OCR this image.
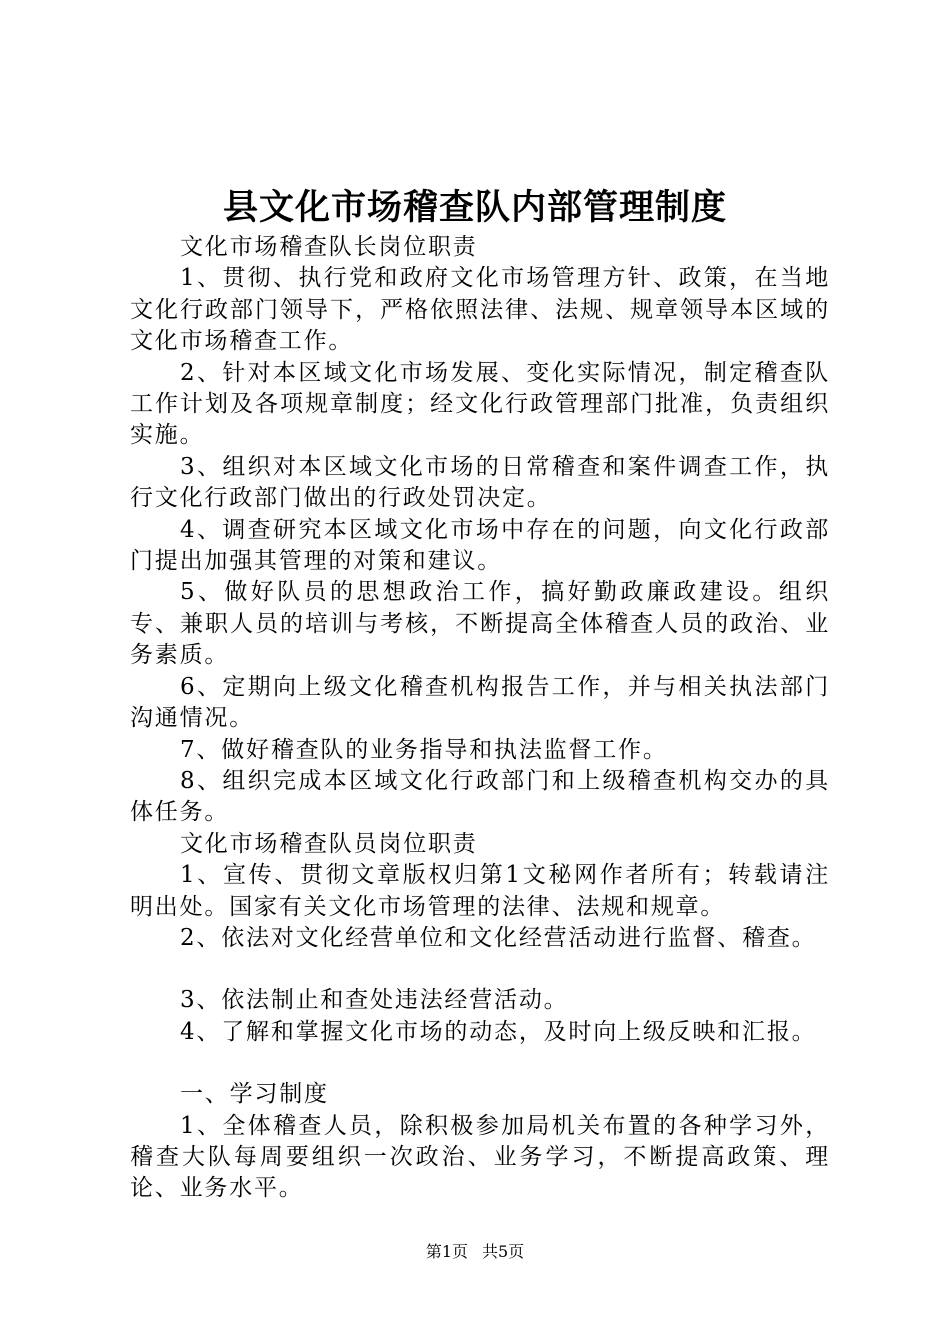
县文化市场稽查队内部管理制度

文化市场稽查队长岗位职责

1、贯彻、执行党和政府文化市场管理方针、政策，在当地文化行政部门领导下，严格依照法律、法规、规章领导本区域的文化市场稽查工作。

2、针对本区域文化市场发展、变化实际情况，制定稽查队工作计划及各项规章制度；经文化行政管理部门批准，负责组织实施。

3、组织对本区域文化市场的日常稽查和案件调查工作，执行文化行政部门做出的行政处罚决定。

4、调查研究本区域文化市场中存在的问题，向文化行政部门提出加强其管理的对策和建议。

5、做好队员的思想政治工作，搞好勤政廉政建设。组织专、兼职人员的培训与考核，不断提高全体稽查人员的政治、业务素质。

6、定期向上级文化稽查机构报告工作，并与相关执法部门沟通情况。

7、做好稽查队的业务指导和执法监督工作。

8、组织完成本区域文化行政部门和上级稽查机构交办的具体任务。

文化市场稽查队员岗位职责

1、宣传、贯彻文章版权归第1文秘网作者所有；转载请注明出处。国家有关文化市场管理的法律、法规和规章。

2、依法对文化经营单位和文化经营活动进行监督、稽查。

3、依法制止和查处违法经营活动。

4、了解和掌握文化市场的动态，及时向上级反映和汇报。

一、学习制度

1、全体稽查人员，除积极参加局机关布置的各种学习外，稽查大队每周要组织一次政治、业务学习，不断提高政策、理论、业务水平。

第1页 共5页
